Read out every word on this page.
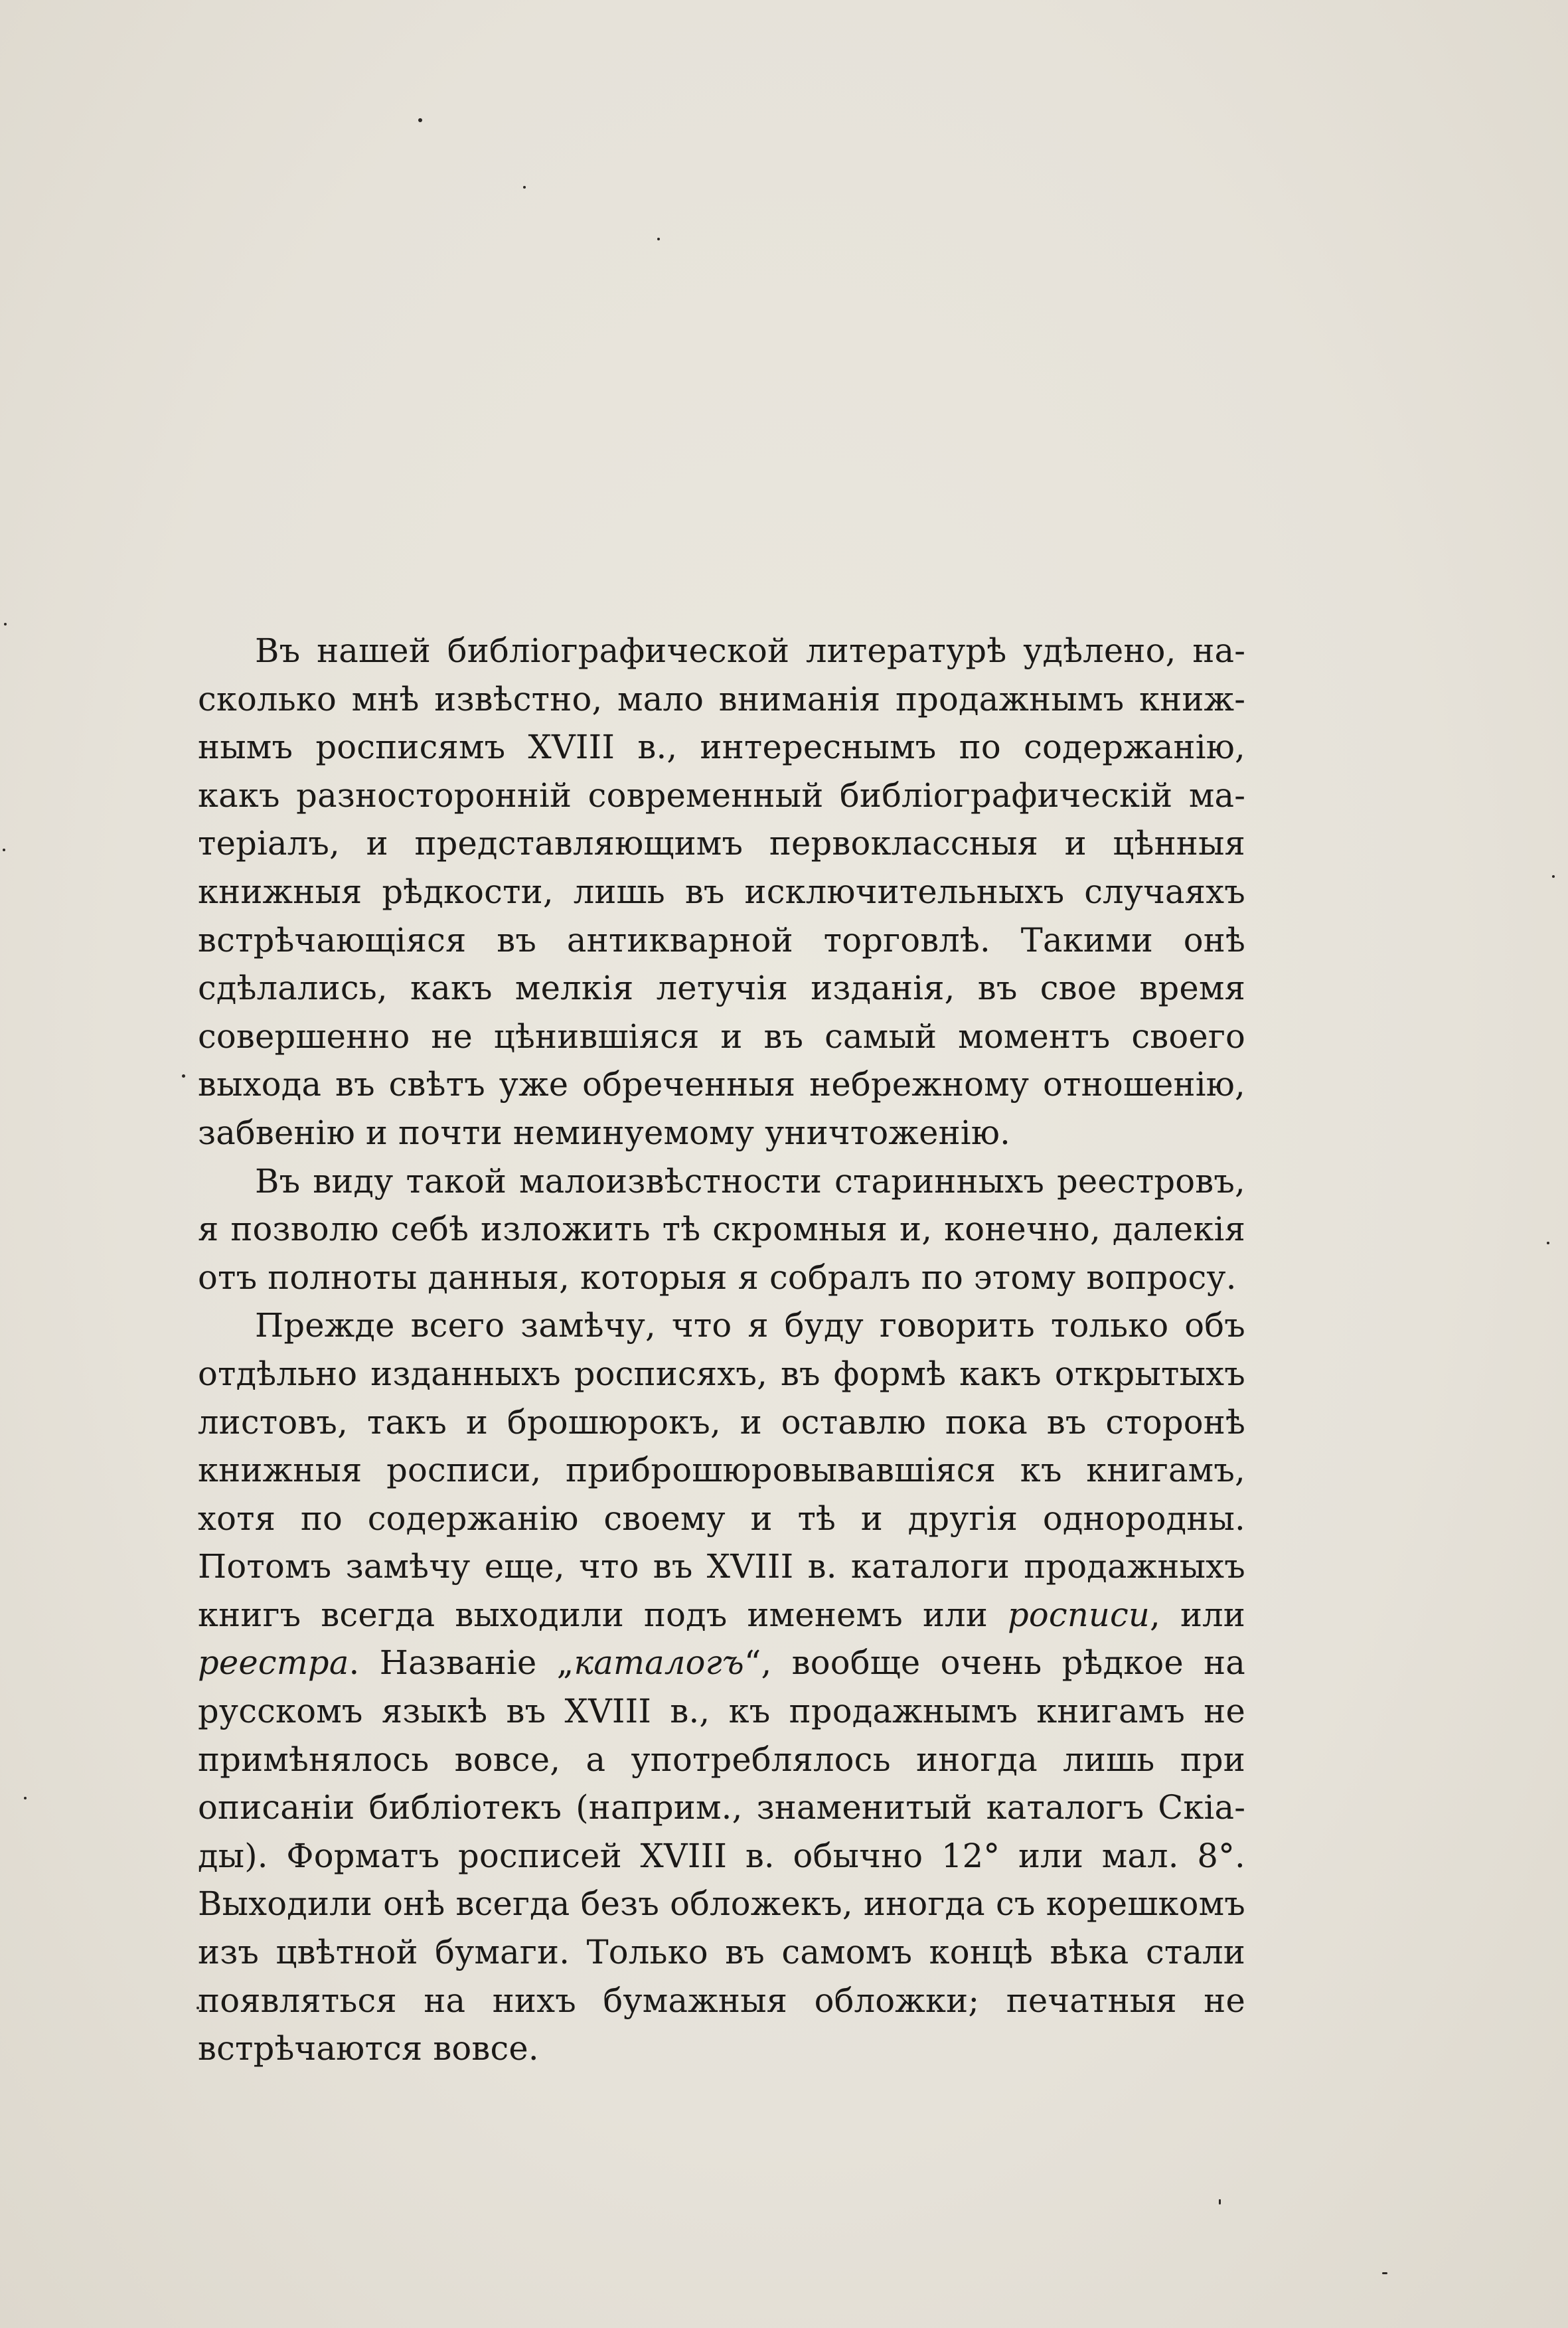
Въ нашей библіографической литературѣ удѣлено, насколько мнѣ извѣстно, мало вниманія продажнымъ книжнымъ росписямъ XVIII в., интереснымъ по содержанію, какъ разносторонній современный библіографическій матеріалъ, и представляющимъ первоклассныя и цѣнныя книжныя рѣдкости, лишь въ исключительныхъ случаяхъ встрѣчающіяся въ антикварной торговлѣ. Такими онѣ сдѣлались, какъ мелкія летучія изданія, въ свое время совершенно не цѣнившіяся и въ самый моментъ своего выхода въ свѣтъ уже обреченныя небрежному отношенію, забвенію и почти неминуемому уничтоженію.

Въ виду такой малоизвѣстности старинныхъ реестровъ, я позволю себѣ изложить тѣ скромныя и, конечно, далекія отъ полноты данныя, которыя я собралъ по этому вопросу.

Прежде всего замѣчу, что я буду говорить только объ отдѣльно изданныхъ росписяхъ, въ формѣ какъ открытыхъ листовъ, такъ и брошюрокъ, и оставлю пока въ сторонѣ книжныя росписи, приброшюровывавшіяся къ книгамъ, хотя по содержанію своему и тѣ и другія однородны. Потомъ замѣчу еще, что въ XVIII в. каталоги продажныхъ книгъ всегда выходили подъ именемъ или росписи, или реестра. Названіе „каталогъ“, вообще очень рѣдкое на русскомъ языкѣ въ XVIII в., къ продажнымъ книгамъ не примѣнялось вовсе, а употреблялось иногда лишь при описаніи библіотекъ (наприм., знаменитый каталогъ Скіады). Форматъ росписей XVIII в. обычно 12° или мал. 8°. Выходили онѣ всегда безъ обложекъ, иногда съ корешкомъ изъ цвѣтной бумаги. Только въ самомъ концѣ вѣка стали появляться на нихъ бумажныя обложки; печатныя не встрѣчаются вовсе.
